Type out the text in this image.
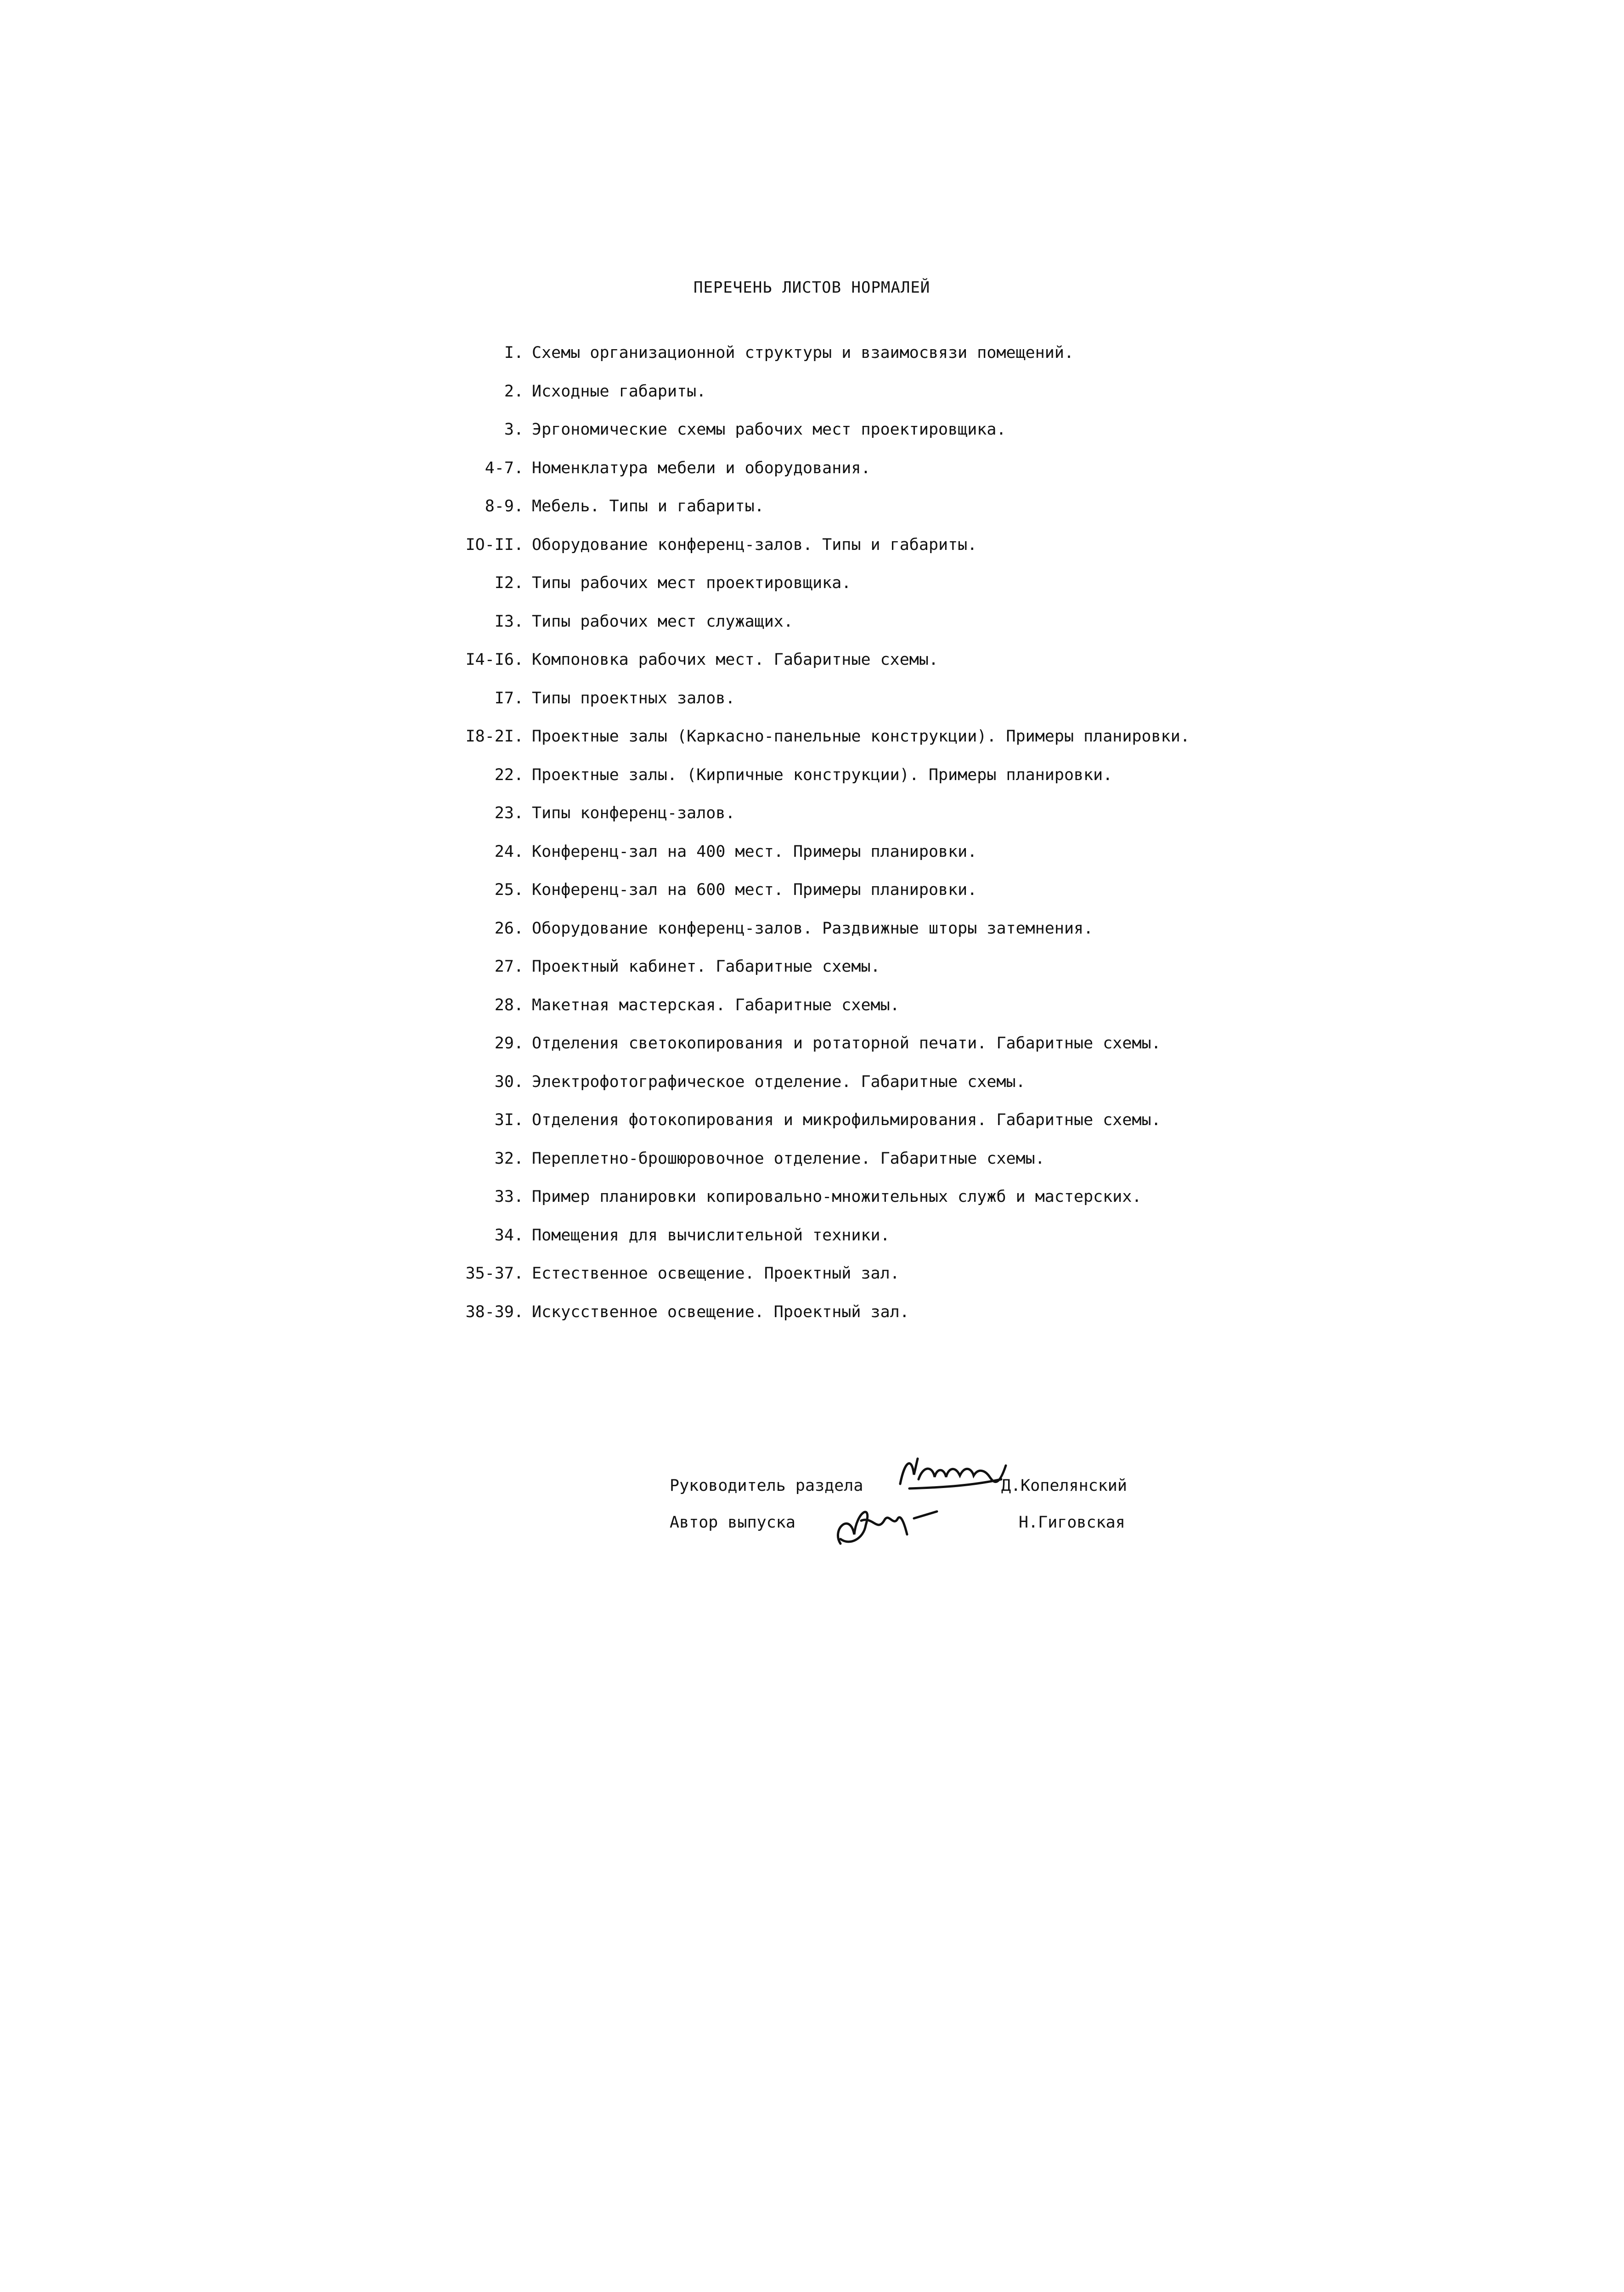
ПЕРЕЧЕНЬ ЛИСТОВ НОРМАЛЕЙ
I. Схемы организационной структуры и взаимосвязи помещений.
2. Исходные габариты.
3. Эргономические схемы рабочих мест проектировщика.
4-7. Номенклатура мебели и оборудования.
8-9. Мебель. Типы и габариты.
IO-II. Оборудование конференц-залов. Типы и габариты.
I2. Типы рабочих мест проектировщика.
I3. Типы рабочих мест служащих.
I4-I6. Компоновка рабочих мест. Габаритные схемы.
I7. Типы проектных залов.
I8-2I. Проектные залы (Каркасно-панельные конструкции). Примеры планировки.
22. Проектные залы. (Кирпичные конструкции). Примеры планировки.
23. Типы конференц-залов.
24. Конференц-зал на 400 мест. Примеры планировки.
25. Конференц-зал на 600 мест. Примеры планировки.
26. Оборудование конференц-залов. Раздвижные шторы затемнения.
27. Проектный кабинет. Габаритные схемы.
28. Макетная мастерская. Габаритные схемы.
29. Отделения светокопирования и ротаторной печати. Габаритные схемы.
30. Электрофотографическое отделение. Габаритные схемы.
3I. Отделения фотокопирования и микрофильмирования. Габаритные схемы.
32. Переплетно-брошюровочное отделение. Габаритные схемы.
33. Пример планировки копировально-множительных служб и мастерских.
34. Помещения для вычислительной техники.
35-37. Естественное освещение. Проектный зал.
38-39. Искусственное освещение. Проектный зал.
Руководитель раздела	Д.Копелянский
Автор выпуска	Н.Гиговская
